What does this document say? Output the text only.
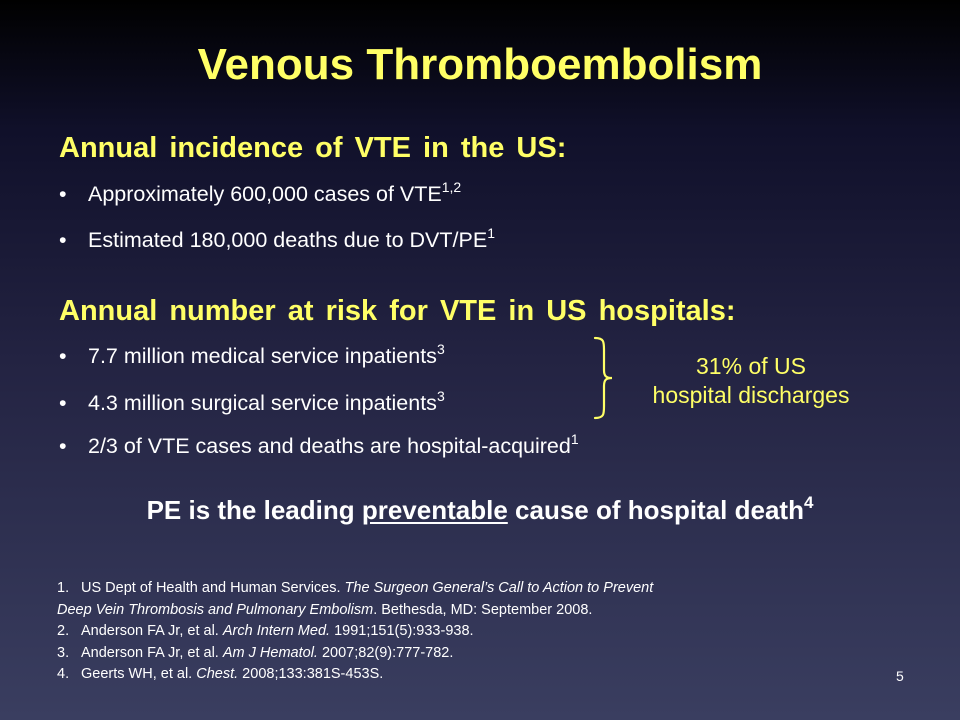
Venous Thromboembolism
Annual incidence of VTE in the US:
• Approximately 600,000 cases of VTE$^{1,2}$
• Estimated 180,000 deaths due to DVT/$PE^1$
Annual number at risk for VTE in US hospitals:
• 7.7 million medical service inpatients$^3$
• 4.3 million surgical service inpatients$^3$
• 2/3 of VTE cases and deaths are hospital-acquired$^1$
31% of US
hospital discharges
PE is the leading preventable cause of hospital death$^4$
1. US Dept of Health and Human Services. The Surgeon General’s Call to Action to Prevent
Deep Vein Thrombosis and Pulmonary Embolism. Bethesda, MD: September 2008.
2. Anderson FA Jr, et al. Arch Intern Med. 1991;151(5):933-938.
3. Anderson FA Jr, et al. Am J Hematol. 2007;82(9):777-782.
4. Geerts WH, et al. Chest. 2008;133:381S-453S.	5
